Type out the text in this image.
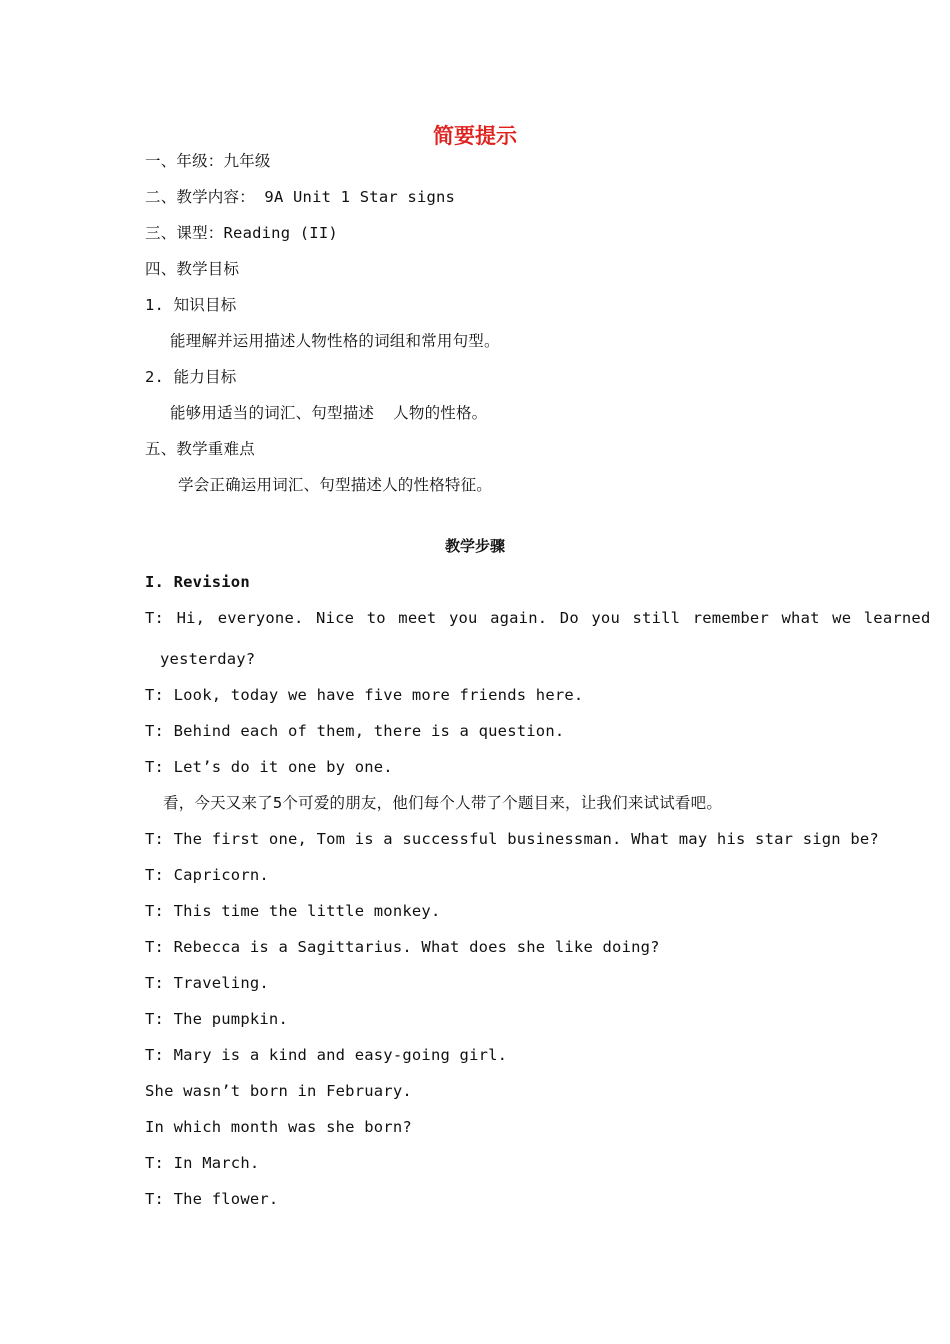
简要提示
一、年级：九年级
二、教学内容： 9A Unit 1 Star signs
三、课型：Reading (II)
四、教学目标
1. 知识目标
能理解并运用描述人物性格的词组和常用句型。
2. 能力目标
能够用适当的词汇、句型描述  人物的性格。
五、教学重难点
学会正确运用词汇、句型描述人的性格特征。
教学步骤
I. Revision
T: Hi, everyone. Nice to meet you again. Do you still remember what we learned
yesterday?
T: Look, today we have five more friends here.
T: Behind each of them, there is a question.
T: Let’s do it one by one.
看，今天又来了5个可爱的朋友，他们每个人带了个题目来，让我们来试试看吧。
T: The first one, Tom is a successful businessman. What may his star sign be?
T: Capricorn.
T: This time the little monkey.
T: Rebecca is a Sagittarius. What does she like doing?
T: Traveling.
T: The pumpkin.
T: Mary is a kind and easy-going girl.
She wasn’t born in February.
In which month was she born?
T: In March.
T: The flower.
